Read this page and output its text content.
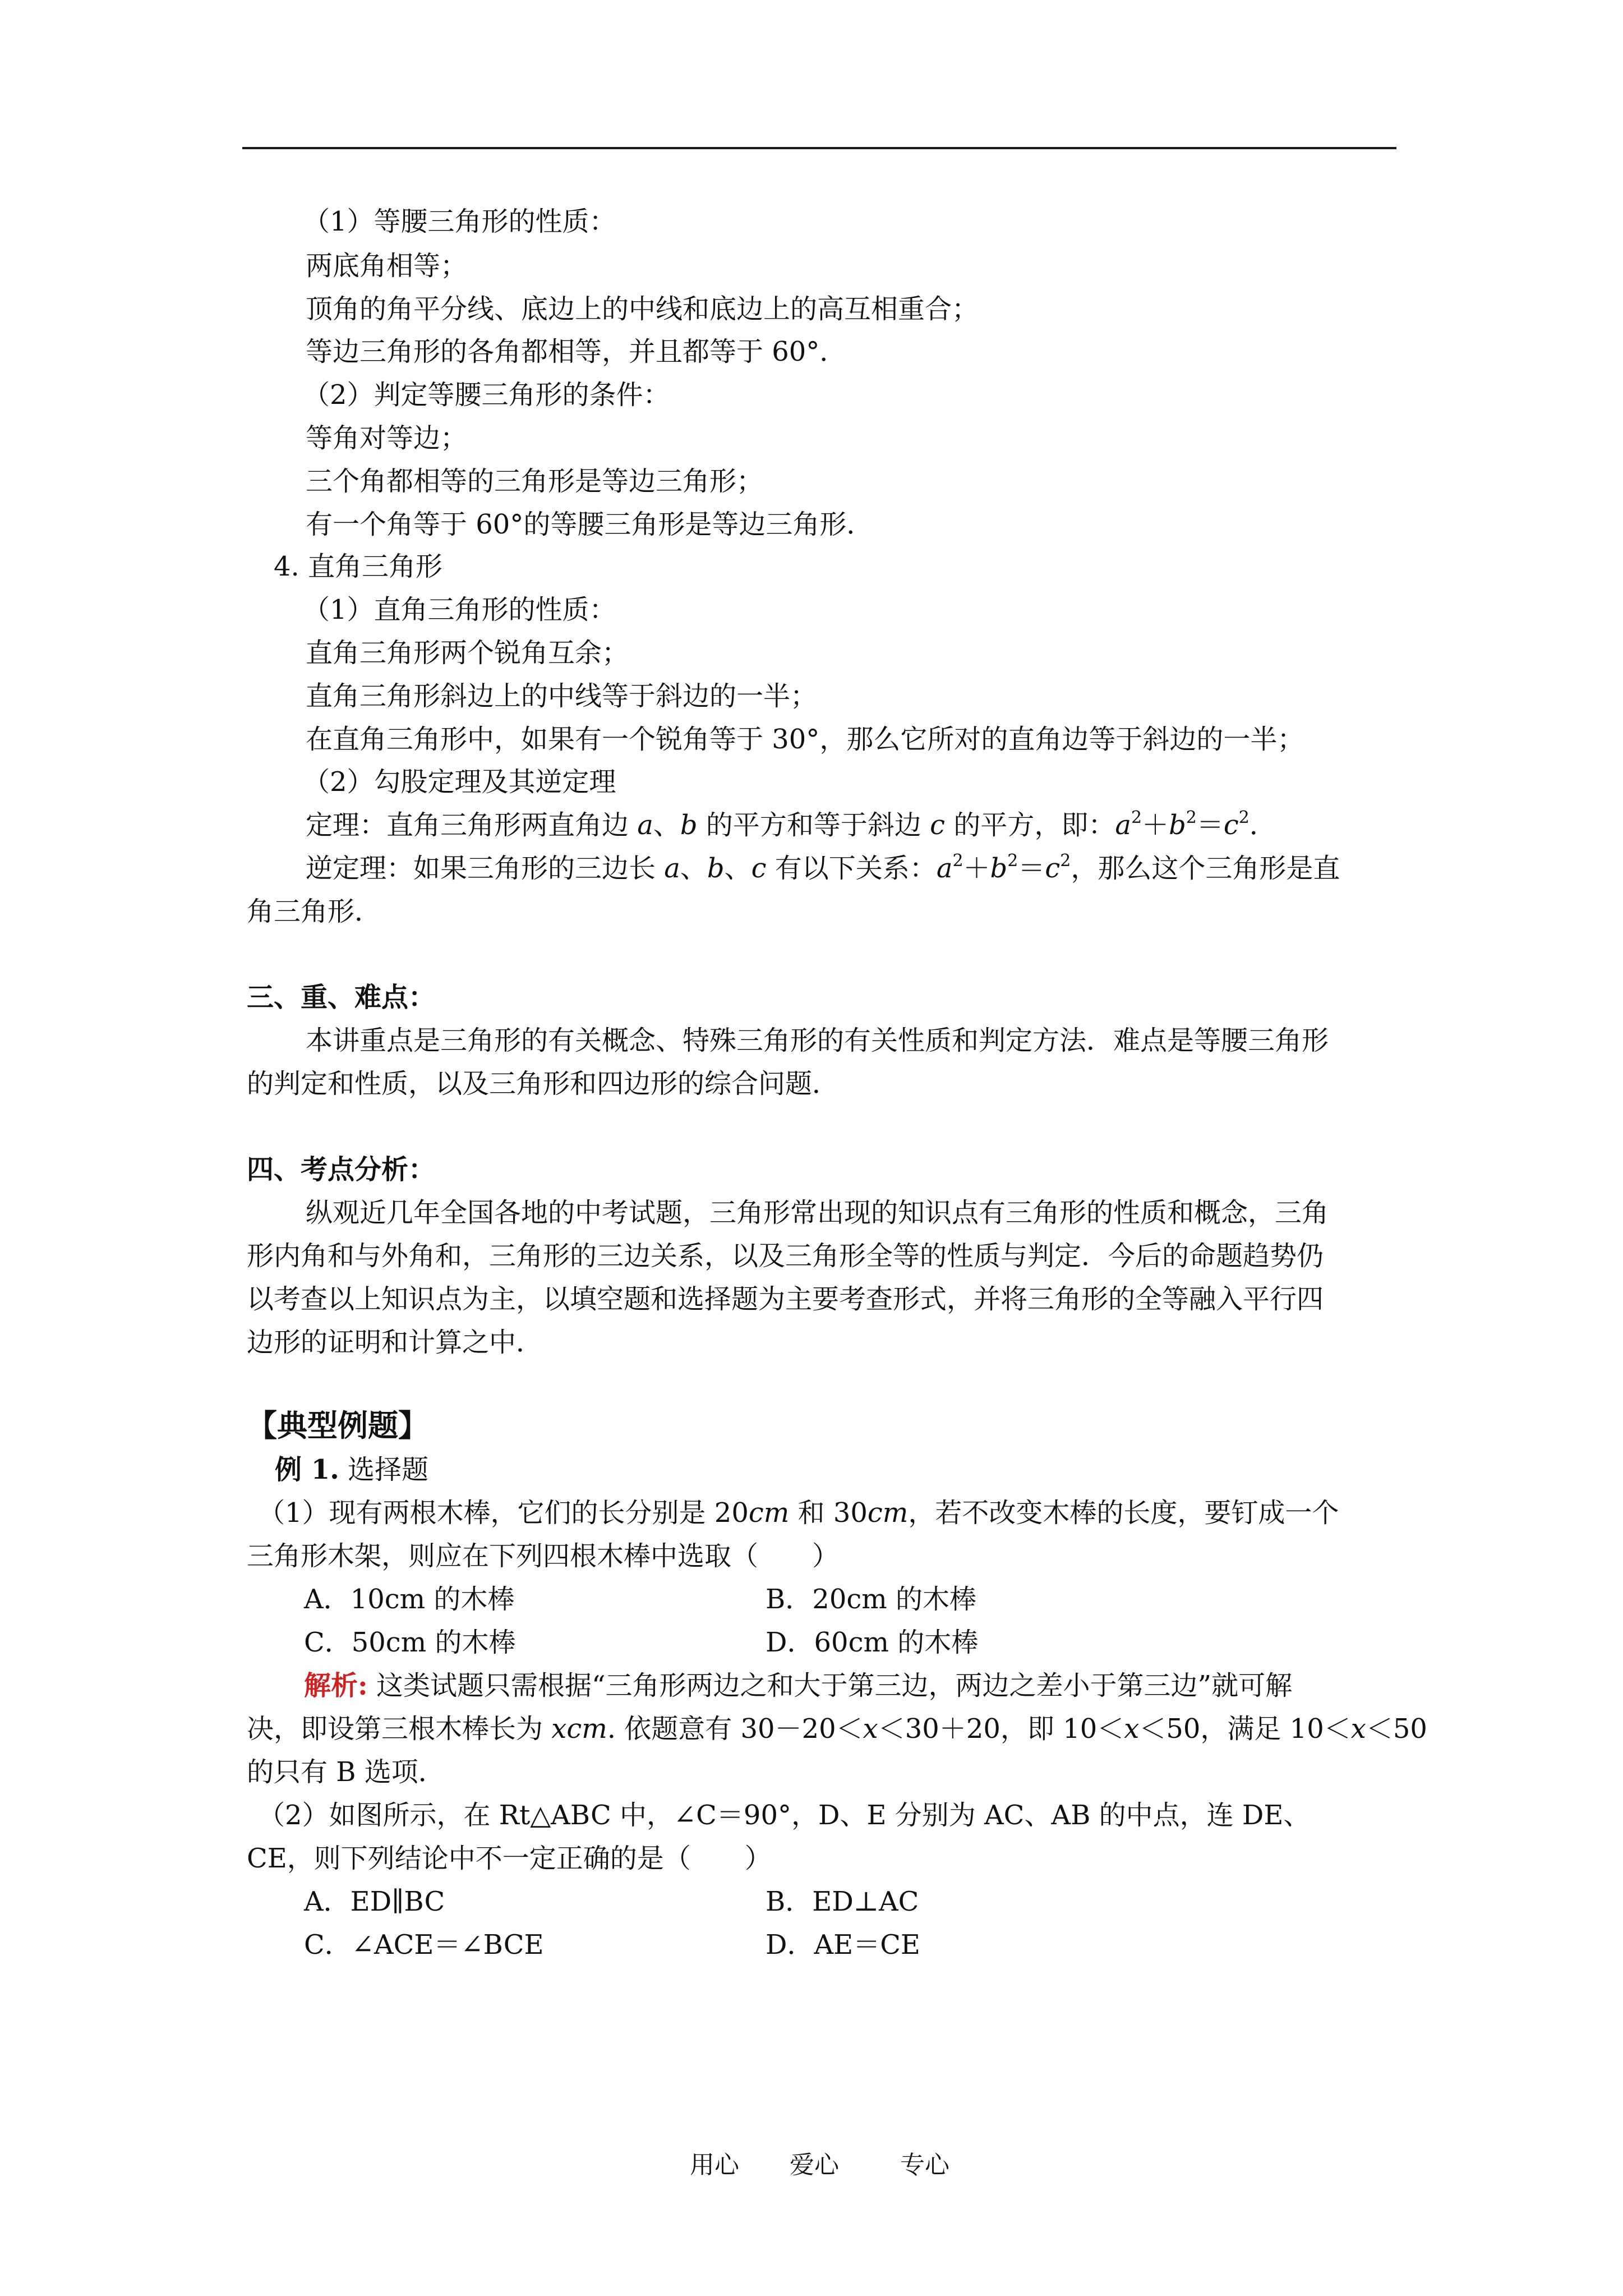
（1）等腰三角形的性质：
两底角相等；
顶角的角平分线、底边上的中线和底边上的高互相重合；
等边三角形的各角都相等，并且都等于 60°．
（2）判定等腰三角形的条件：
等角对等边；
三个角都相等的三角形是等边三角形；
有一个角等于 60°的等腰三角形是等边三角形．
4. 直角三角形
（1）直角三角形的性质：
直角三角形两个锐角互余；
直角三角形斜边上的中线等于斜边的一半；
在直角三角形中，如果有一个锐角等于 30°，那么它所对的直角边等于斜边的一半；
（2）勾股定理及其逆定理
定理：直角三角形两直角边 a、b 的平方和等于斜边 c 的平方，即：$a^2+b^2=c^2$．
逆定理：如果三角形的三边长 a、b、c 有以下关系：$a^2+b^2=c^2$，那么这个三角形是直
角三角形．
三、重、难点：
本讲重点是三角形的有关概念、特殊三角形的有关性质和判定方法．难点是等腰三角形
的判定和性质，以及三角形和四边形的综合问题．
四、考点分析：
纵观近几年全国各地的中考试题，三角形常出现的知识点有三角形的性质和概念，三角
形内角和与外角和，三角形的三边关系，以及三角形全等的性质与判定．今后的命题趋势仍
以考查以上知识点为主，以填空题和选择题为主要考查形式，并将三角形的全等融入平行四
边形的证明和计算之中．
【典型例题】
例 1. 选择题
（1）现有两根木棒，它们的长分别是 20cm 和 30cm，若不改变木棒的长度，要钉成一个
三角形木架，则应在下列四根木棒中选取（　　）
A．10cm 的木棒	B．20cm 的木棒
C．50cm 的木棒	D．60cm 的木棒
解析: 这类试题只需根据“三角形两边之和大于第三边，两边之差小于第三边”就可解
决，即设第三根木棒长为 xcm. 依题意有 30－20＜x＜30＋20，即 10＜x＜50，满足 10＜x＜50
的只有 B 选项．
（2）如图所示，在 Rt△ABC 中，∠C＝90°，D、E 分别为 AC、AB 的中点，连 DE、
CE，则下列结论中不一定正确的是（　　）
A．ED∥BC	B．ED⊥AC
C．∠ACE＝∠BCE	D．AE＝CE
用心 爱心 专心
